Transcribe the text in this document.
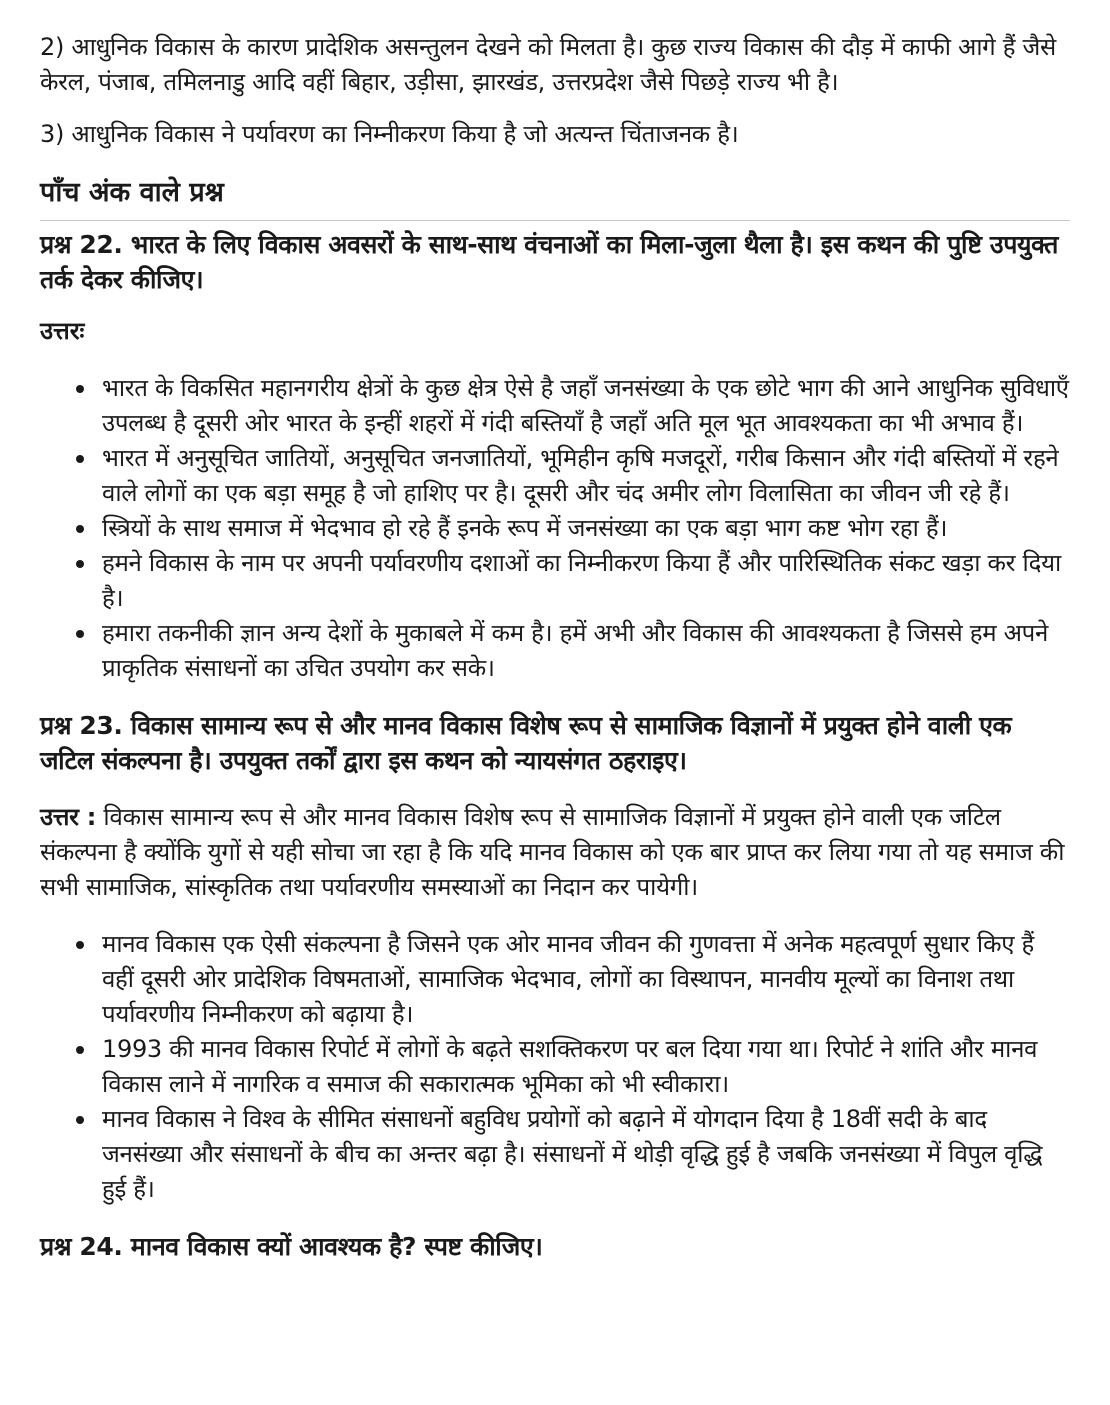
2) आधुनिक विकास के कारण प्रादेशिक असन्तुलन देखने को मिलता है। कुछ राज्य विकास की दौड़ में काफी आगे हैं जैसे केरल, पंजाब, तमिलनाडु आदि वहीं बिहार, उड़ीसा, झारखंड, उत्तरप्रदेश जैसे पिछड़े राज्य भी है।

3) आधुनिक विकास ने पर्यावरण का निम्नीकरण किया है जो अत्यन्त चिंताजनक है।

पाँच अंक वाले प्रश्न

प्रश्न 22. भारत के लिए विकास अवसरों के साथ-साथ वंचनाओं का मिला-जुला थैला है। इस कथन की पुष्टि उपयुक्त तर्क देकर कीजिए।

उत्तरः

भारत के विकसित महानगरीय क्षेत्रों के कुछ क्षेत्र ऐसे है जहाँ जनसंख्या के एक छोटे भाग की आने आधुनिक सुविधाएँ उपलब्ध है दूसरी ओर भारत के इन्हीं शहरों में गंदी बस्तियाँ है जहाँ अति मूल भूत आवश्यकता का भी अभाव हैं।
भारत में अनुसूचित जातियों, अनुसूचित जनजातियों, भूमिहीन कृषि मजदूरों, गरीब किसान और गंदी बस्तियों में रहने वाले लोगों का एक बड़ा समूह है जो हाशिए पर है। दूसरी और चंद अमीर लोग विलासिता का जीवन जी रहे हैं।
स्त्रियों के साथ समाज में भेदभाव हो रहे हैं इनके रूप में जनसंख्या का एक बड़ा भाग कष्ट भोग रहा हैं।
हमने विकास के नाम पर अपनी पर्यावरणीय दशाओं का निम्नीकरण किया हैं और पारिस्थितिक संकट खड़ा कर दिया है।
हमारा तकनीकी ज्ञान अन्य देशों के मुकाबले में कम है। हमें अभी और विकास की आवश्यकता है जिससे हम अपने प्राकृतिक संसाधनों का उचित उपयोग कर सके।

प्रश्न 23. विकास सामान्य रूप से और मानव विकास विशेष रूप से सामाजिक विज्ञानों में प्रयुक्त होने वाली एक जटिल संकल्पना है। उपयुक्त तर्कों द्वारा इस कथन को न्यायसंगत ठहराइए।

उत्तर : विकास सामान्य रूप से और मानव विकास विशेष रूप से सामाजिक विज्ञानों में प्रयुक्त होने वाली एक जटिल संकल्पना है क्योंकि युगों से यही सोचा जा रहा है कि यदि मानव विकास को एक बार प्राप्त कर लिया गया तो यह समाज की सभी सामाजिक, सांस्कृतिक तथा पर्यावरणीय समस्याओं का निदान कर पायेगी।

मानव विकास एक ऐसी संकल्पना है जिसने एक ओर मानव जीवन की गुणवत्ता में अनेक महत्वपूर्ण सुधार किए हैं वहीं दूसरी ओर प्रादेशिक विषमताओं, सामाजिक भेदभाव, लोगों का विस्थापन, मानवीय मूल्यों का विनाश तथा पर्यावरणीय निम्नीकरण को बढ़ाया है।
1993 की मानव विकास रिपोर्ट में लोगों के बढ़ते सशक्तिकरण पर बल दिया गया था। रिपोर्ट ने शांति और मानव विकास लाने में नागरिक व समाज की सकारात्मक भूमिका को भी स्वीकारा।
मानव विकास ने विश्व के सीमित संसाधनों बहुविध प्रयोगों को बढ़ाने में योगदान दिया है 18वीं सदी के बाद जनसंख्या और संसाधनों के बीच का अन्तर बढ़ा है। संसाधनों में थोड़ी वृद्धि हुई है जबकि जनसंख्या में विपुल वृद्धि हुई हैं।

प्रश्न 24. मानव विकास क्यों आवश्यक है? स्पष्ट कीजिए।
